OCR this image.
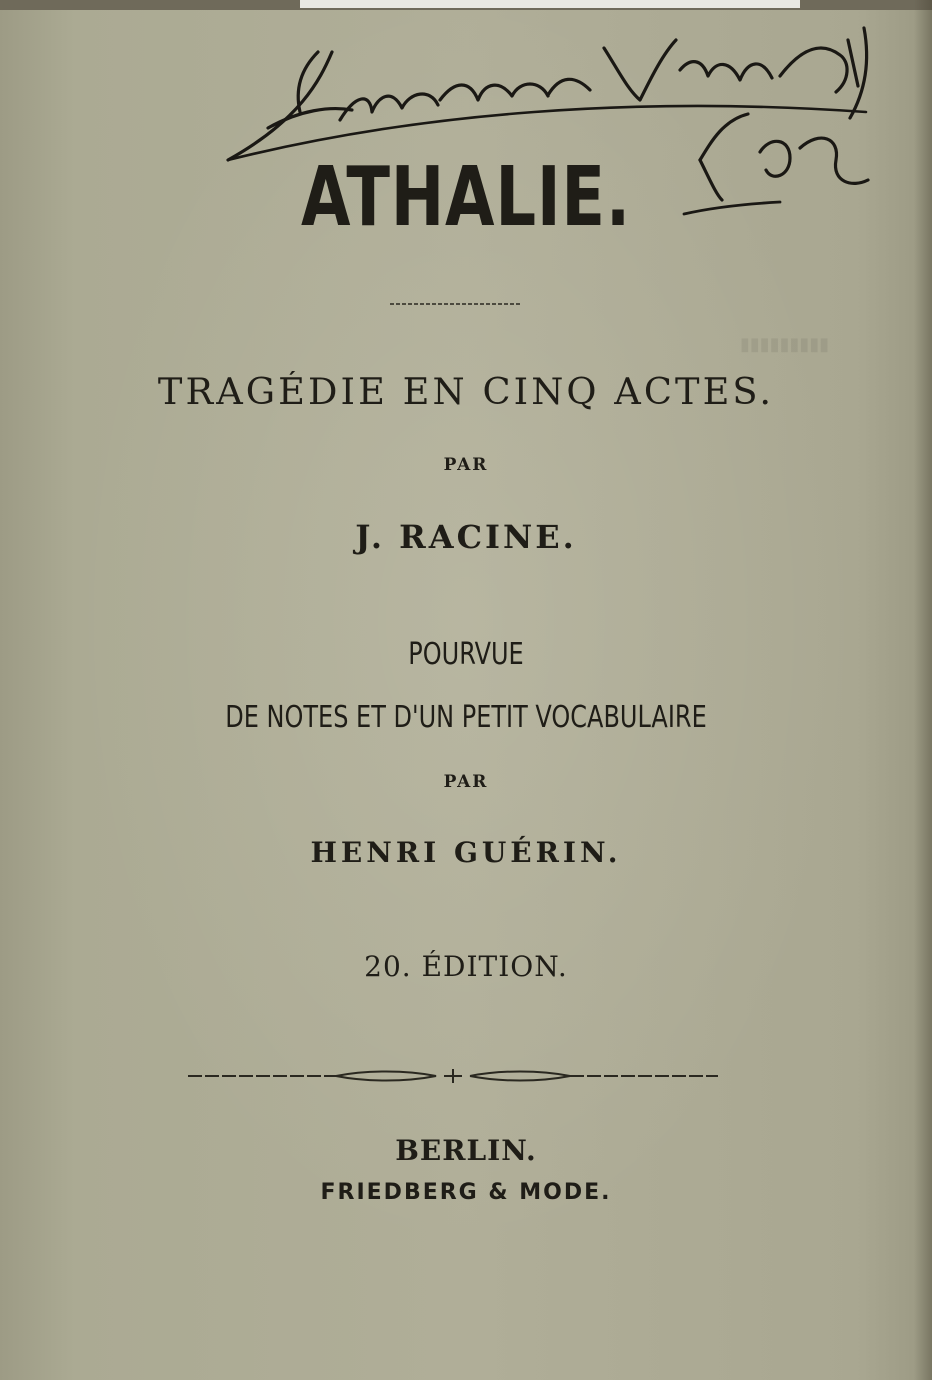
▮▮▮▮▮▮▮▮▮
Hermane Voiro dij Vel
ATHALIE.
TRAGÉDIE EN CINQ ACTES.
PAR
J. RACINE.
POURVUE
DE NOTES ET D'UN PETIT VOCABULAIRE
PAR
HENRI GUÉRIN.
20. ÉDITION.
BERLIN.
FRIEDBERG & MODE.
